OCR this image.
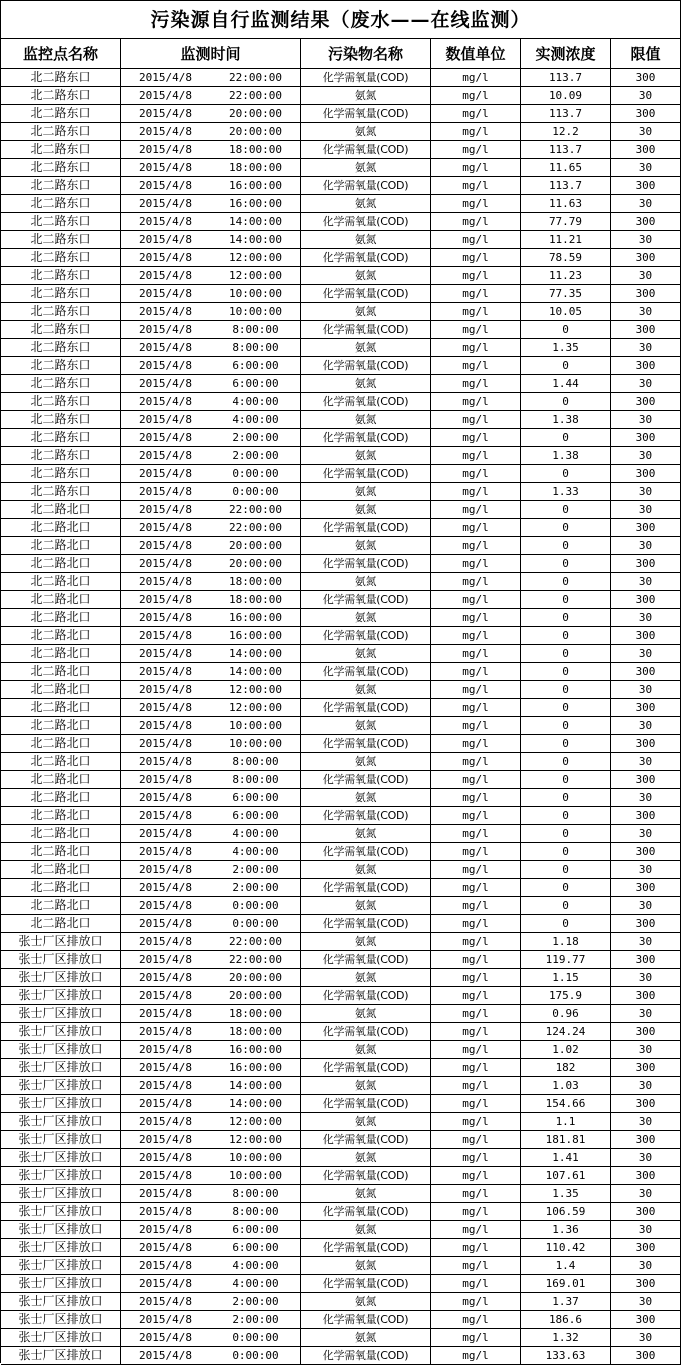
污染源自行监测结果（废水——在线监测）
监控点名称	监测时间	污染物名称	数值单位	实测浓度	限值
北二路东口	2015/4/8	22:00:00	化学需氧量(COD)	mg/l	113.7	300
北二路东口	2015/4/8	22:00:00	氨氮	mg/l	10.09	30
北二路东口	2015/4/8	20:00:00	化学需氧量(COD)	mg/l	113.7	300
北二路东口	2015/4/8	20:00:00	氨氮	mg/l	12.2	30
北二路东口	2015/4/8	18:00:00	化学需氧量(COD)	mg/l	113.7	300
北二路东口	2015/4/8	18:00:00	氨氮	mg/l	11.65	30
北二路东口	2015/4/8	16:00:00	化学需氧量(COD)	mg/l	113.7	300
北二路东口	2015/4/8	16:00:00	氨氮	mg/l	11.63	30
北二路东口	2015/4/8	14:00:00	化学需氧量(COD)	mg/l	77.79	300
北二路东口	2015/4/8	14:00:00	氨氮	mg/l	11.21	30
北二路东口	2015/4/8	12:00:00	化学需氧量(COD)	mg/l	78.59	300
北二路东口	2015/4/8	12:00:00	氨氮	mg/l	11.23	30
北二路东口	2015/4/8	10:00:00	化学需氧量(COD)	mg/l	77.35	300
北二路东口	2015/4/8	10:00:00	氨氮	mg/l	10.05	30
北二路东口	2015/4/8	8:00:00	化学需氧量(COD)	mg/l	0	300
北二路东口	2015/4/8	8:00:00	氨氮	mg/l	1.35	30
北二路东口	2015/4/8	6:00:00	化学需氧量(COD)	mg/l	0	300
北二路东口	2015/4/8	6:00:00	氨氮	mg/l	1.44	30
北二路东口	2015/4/8	4:00:00	化学需氧量(COD)	mg/l	0	300
北二路东口	2015/4/8	4:00:00	氨氮	mg/l	1.38	30
北二路东口	2015/4/8	2:00:00	化学需氧量(COD)	mg/l	0	300
北二路东口	2015/4/8	2:00:00	氨氮	mg/l	1.38	30
北二路东口	2015/4/8	0:00:00	化学需氧量(COD)	mg/l	0	300
北二路东口	2015/4/8	0:00:00	氨氮	mg/l	1.33	30
北二路北口	2015/4/8	22:00:00	氨氮	mg/l	0	30
北二路北口	2015/4/8	22:00:00	化学需氧量(COD)	mg/l	0	300
北二路北口	2015/4/8	20:00:00	氨氮	mg/l	0	30
北二路北口	2015/4/8	20:00:00	化学需氧量(COD)	mg/l	0	300
北二路北口	2015/4/8	18:00:00	氨氮	mg/l	0	30
北二路北口	2015/4/8	18:00:00	化学需氧量(COD)	mg/l	0	300
北二路北口	2015/4/8	16:00:00	氨氮	mg/l	0	30
北二路北口	2015/4/8	16:00:00	化学需氧量(COD)	mg/l	0	300
北二路北口	2015/4/8	14:00:00	氨氮	mg/l	0	30
北二路北口	2015/4/8	14:00:00	化学需氧量(COD)	mg/l	0	300
北二路北口	2015/4/8	12:00:00	氨氮	mg/l	0	30
北二路北口	2015/4/8	12:00:00	化学需氧量(COD)	mg/l	0	300
北二路北口	2015/4/8	10:00:00	氨氮	mg/l	0	30
北二路北口	2015/4/8	10:00:00	化学需氧量(COD)	mg/l	0	300
北二路北口	2015/4/8	8:00:00	氨氮	mg/l	0	30
北二路北口	2015/4/8	8:00:00	化学需氧量(COD)	mg/l	0	300
北二路北口	2015/4/8	6:00:00	氨氮	mg/l	0	30
北二路北口	2015/4/8	6:00:00	化学需氧量(COD)	mg/l	0	300
北二路北口	2015/4/8	4:00:00	氨氮	mg/l	0	30
北二路北口	2015/4/8	4:00:00	化学需氧量(COD)	mg/l	0	300
北二路北口	2015/4/8	2:00:00	氨氮	mg/l	0	30
北二路北口	2015/4/8	2:00:00	化学需氧量(COD)	mg/l	0	300
北二路北口	2015/4/8	0:00:00	氨氮	mg/l	0	30
北二路北口	2015/4/8	0:00:00	化学需氧量(COD)	mg/l	0	300
张士厂区排放口	2015/4/8	22:00:00	氨氮	mg/l	1.18	30
张士厂区排放口	2015/4/8	22:00:00	化学需氧量(COD)	mg/l	119.77	300
张士厂区排放口	2015/4/8	20:00:00	氨氮	mg/l	1.15	30
张士厂区排放口	2015/4/8	20:00:00	化学需氧量(COD)	mg/l	175.9	300
张士厂区排放口	2015/4/8	18:00:00	氨氮	mg/l	0.96	30
张士厂区排放口	2015/4/8	18:00:00	化学需氧量(COD)	mg/l	124.24	300
张士厂区排放口	2015/4/8	16:00:00	氨氮	mg/l	1.02	30
张士厂区排放口	2015/4/8	16:00:00	化学需氧量(COD)	mg/l	182	300
张士厂区排放口	2015/4/8	14:00:00	氨氮	mg/l	1.03	30
张士厂区排放口	2015/4/8	14:00:00	化学需氧量(COD)	mg/l	154.66	300
张士厂区排放口	2015/4/8	12:00:00	氨氮	mg/l	1.1	30
张士厂区排放口	2015/4/8	12:00:00	化学需氧量(COD)	mg/l	181.81	300
张士厂区排放口	2015/4/8	10:00:00	氨氮	mg/l	1.41	30
张士厂区排放口	2015/4/8	10:00:00	化学需氧量(COD)	mg/l	107.61	300
张士厂区排放口	2015/4/8	8:00:00	氨氮	mg/l	1.35	30
张士厂区排放口	2015/4/8	8:00:00	化学需氧量(COD)	mg/l	106.59	300
张士厂区排放口	2015/4/8	6:00:00	氨氮	mg/l	1.36	30
张士厂区排放口	2015/4/8	6:00:00	化学需氧量(COD)	mg/l	110.42	300
张士厂区排放口	2015/4/8	4:00:00	氨氮	mg/l	1.4	30
张士厂区排放口	2015/4/8	4:00:00	化学需氧量(COD)	mg/l	169.01	300
张士厂区排放口	2015/4/8	2:00:00	氨氮	mg/l	1.37	30
张士厂区排放口	2015/4/8	2:00:00	化学需氧量(COD)	mg/l	186.6	300
张士厂区排放口	2015/4/8	0:00:00	氨氮	mg/l	1.32	30
张士厂区排放口	2015/4/8	0:00:00	化学需氧量(COD)	mg/l	133.63	300
